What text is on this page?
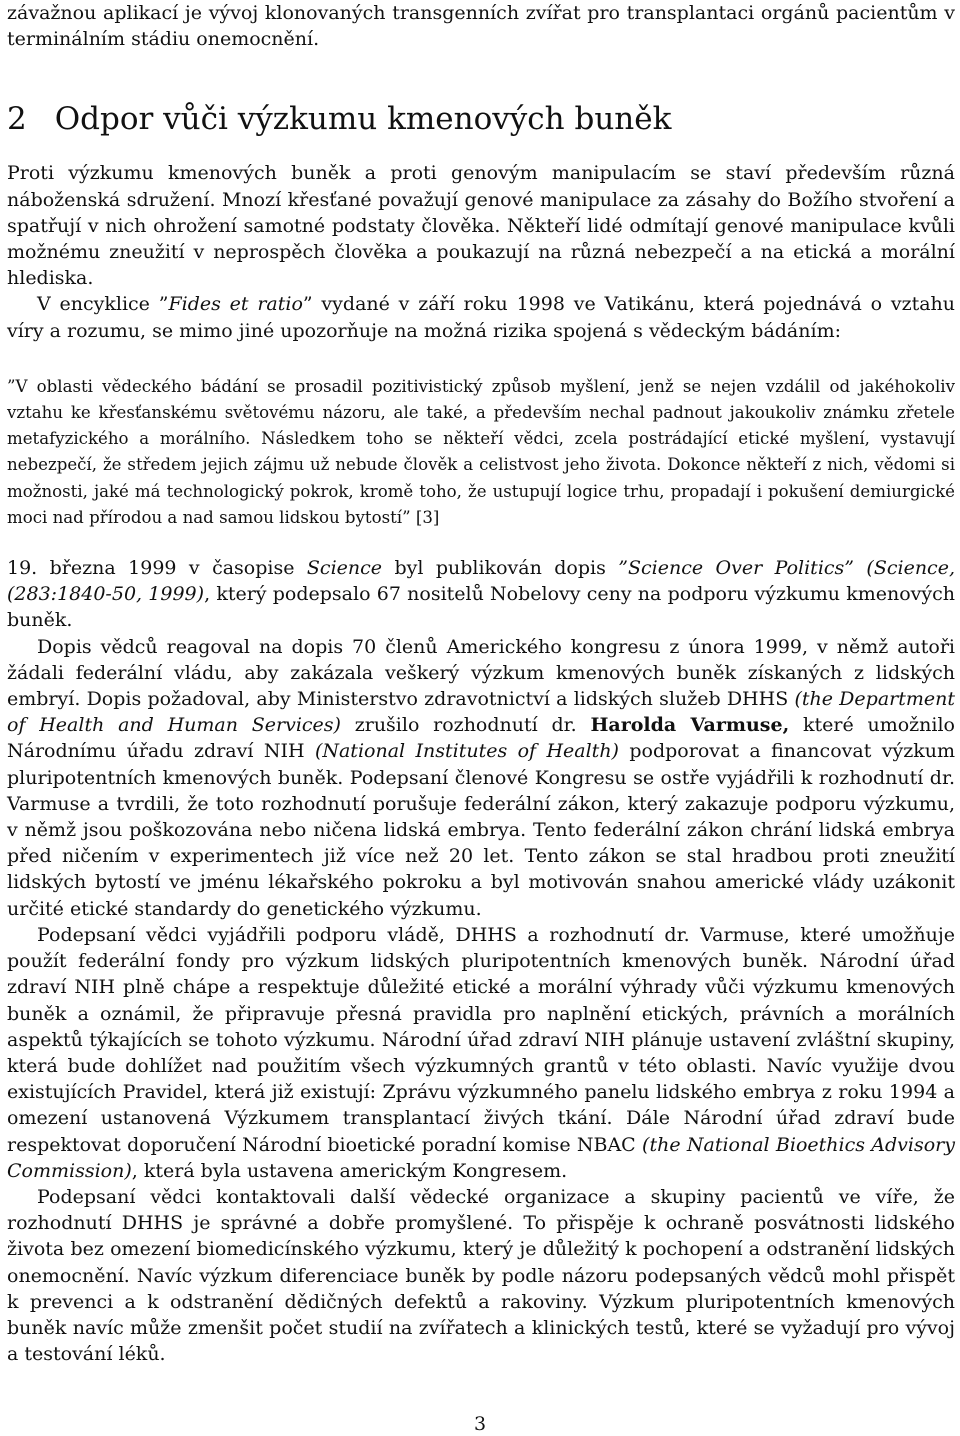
závažnou aplikací je vývoj klonovaných transgenních zvířat pro transplantaci orgánů pacientům v terminálním stádiu onemocnění.

2 Odpor vůči výzkumu kmenových buněk

Proti výzkumu kmenových buněk a proti genovým manipulacím se staví především různá náboženská sdružení. Mnozí křesťané považují genové manipulace za zásahy do Božího stvoření a spatřují v nich ohrožení samotné podstaty člověka. Někteří lidé odmítají genové manipulace kvůli možnému zneužití v neprospěch člověka a poukazují na různá nebezpečí a na etická a morální hlediska.

V encyklice ”Fides et ratio” vydané v září roku 1998 ve Vatikánu, která pojednává o vztahu víry a rozumu, se mimo jiné upozorňuje na možná rizika spojená s vědeckým bádáním:

”V oblasti vědeckého bádání se prosadil pozitivistický způsob myšlení, jenž se nejen vzdálil od jakéhokoliv vztahu ke křesťanskému světovému názoru, ale také, a především nechal padnout jakoukoliv známku zřetele metafyzického a morálního. Následkem toho se někteří vědci, zcela postrádající etické myšlení, vystavují nebezpečí, že středem jejich zájmu už nebude člověk a celistvost jeho života. Dokonce někteří z nich, vědomi si možnosti, jaké má technologický pokrok, kromě toho, že ustupují logice trhu, propadají i pokušení demiurgické moci nad přírodou a nad samou lidskou bytostí” [3]

19. března 1999 v časopise Science byl publikován dopis ”Science Over Politics” (Science, (283:1840-50, 1999), který podepsalo 67 nositelů Nobelovy ceny na podporu výzkumu kmenových buněk.

Dopis vědců reagoval na dopis 70 členů Amerického kongresu z února 1999, v němž autoři žádali federální vládu, aby zakázala veškerý výzkum kmenových buněk získaných z lidských embryí. Dopis požadoval, aby Ministerstvo zdravotnictví a lidských služeb DHHS (the Department of Health and Human Services) zrušilo rozhodnutí dr. Harolda Varmuse, které umožnilo Národnímu úřadu zdraví NIH (National Institutes of Health) podporovat a financovat výzkum pluripotentních kmenových buněk. Podepsaní členové Kongresu se ostře vyjádřili k rozhodnutí dr. Varmuse a tvrdili, že toto rozhodnutí porušuje federální zákon, který zakazuje podporu výzkumu, v němž jsou poškozována nebo ničena lidská embrya. Tento federální zákon chrání lidská embrya před ničením v experimentech již více než 20 let. Tento zákon se stal hradbou proti zneužití lidských bytostí ve jménu lékařského pokroku a byl motivován snahou americké vlády uzákonit určité etické standardy do genetického výzkumu.

Podepsaní vědci vyjádřili podporu vládě, DHHS a rozhodnutí dr. Varmuse, které umožňuje použít federální fondy pro výzkum lidských pluripotentních kmenových buněk. Národní úřad zdraví NIH plně chápe a respektuje důležité etické a morální výhrady vůči výzkumu kmenových buněk a oznámil, že připravuje přesná pravidla pro naplnění etických, právních a morálních aspektů týkajících se tohoto výzkumu. Národní úřad zdraví NIH plánuje ustavení zvláštní skupiny, která bude dohlížet nad použitím všech výzkumných grantů v této oblasti. Navíc využije dvou existujících Pravidel, která již existují: Zprávu výzkumného panelu lidského embrya z roku 1994 a omezení ustanovená Výzkumem transplantací živých tkání. Dále Národní úřad zdraví bude respektovat doporučení Národní bioetické poradní komise NBAC (the National Bioethics Advisory Commission), která byla ustavena americkým Kongresem.

Podepsaní vědci kontaktovali další vědecké organizace a skupiny pacientů ve víře, že rozhodnutí DHHS je správné a dobře promyšlené. To přispěje k ochraně posvátnosti lidského života bez omezení biomedicínského výzkumu, který je důležitý k pochopení a odstranění lidských onemocnění. Navíc výzkum diferenciace buněk by podle názoru podepsaných vědců mohl přispět k prevenci a k odstranění dědičných defektů a rakoviny. Výzkum pluripotentních kmenových buněk navíc může zmenšit počet studií na zvířatech a klinických testů, které se vyžadují pro vývoj a testování léků.

3
